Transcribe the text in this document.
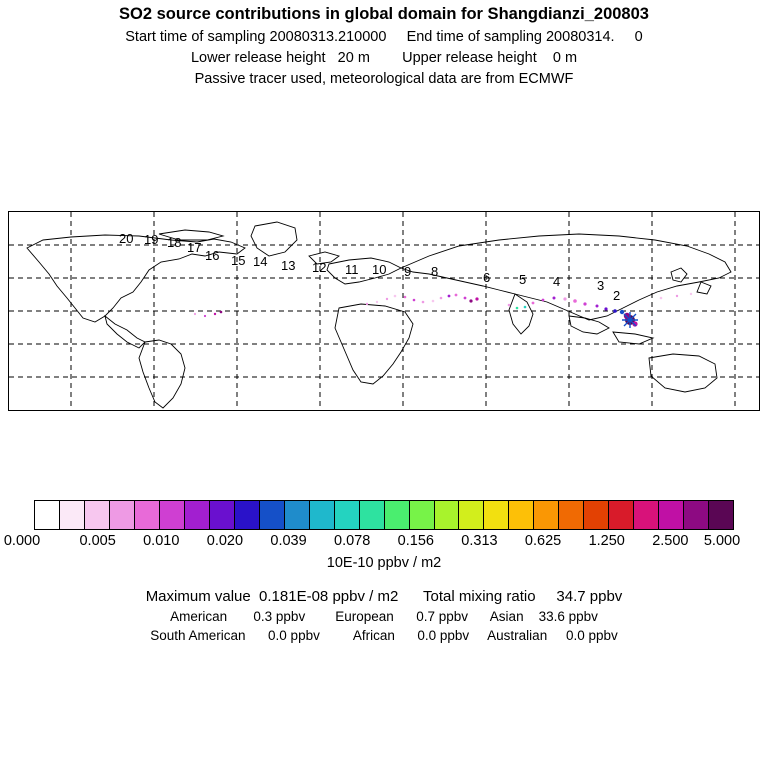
SO2 source contributions in global domain for Shangdianzi_200803
Start time of sampling 20080313.210000     End time of sampling 20080314.     0
Lower release height   20 m        Upper release height    0 m
Passive tracer used, meteorological data are from ECMWF
20 19 18 17
16 15 14 13 12 11 10 9 8	6 5 4	3
2
0.000	0.005 0.010 0.020 0.039 0.078 0.156 0.313 0.625 1.250 2.500 5.000
10E-10 ppbv / m2
Maximum value  0.181E-08 ppbv / m2      Total mixing ratio     34.7 ppbv
American       0.3 ppbv        European      0.7 ppbv      Asian    33.6 ppbv
South American      0.0 ppbv         African      0.0 ppbv     Australian     0.0 ppbv
